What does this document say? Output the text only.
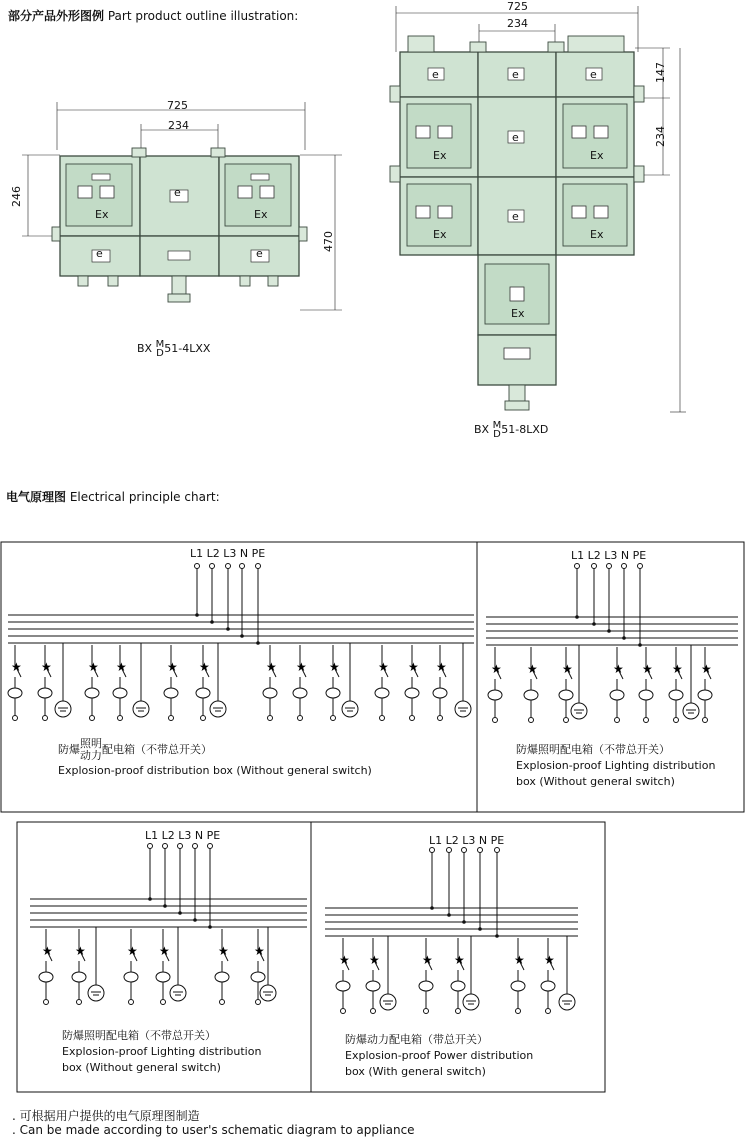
部分产品外形图例 Part product outline illustration:
725
234
246
470
e
e	e
Ex	Ex
BX M
D51-4LXX
725
234
147
234
e	e	e
e
e
Ex	Ex
Ex	Ex
Ex
BX M
D51-8LXD
电气原理图 Electrical principle chart:
★ ★	★ ★	★ ★	★ ★ ★	★ ★ ★	★ ★ ★	★ ★ ★ ★
★ ★	★ ★	★ ★
★ ★	★ ★	★ ★
L1 L2 L3 N PE
防爆照明
动力配电箱（不带总开关）
Explosion-proof distribution box (Without general switch)
L1 L2 L3 N PE
防爆照明配电箱（不带总开关）
Explosion-proof Lighting distribution
box (Without general switch)
L1 L2 L3 N PE
防爆照明配电箱（不带总开关）
Explosion-proof Lighting distribution
box (Without general switch)
L1 L2 L3 N PE
防爆动力配电箱（带总开关）
Explosion-proof Power distribution
box (With general switch)
. 可根据用户提供的电气原理图制造
. Can be made according to user's schematic diagram to appliance
